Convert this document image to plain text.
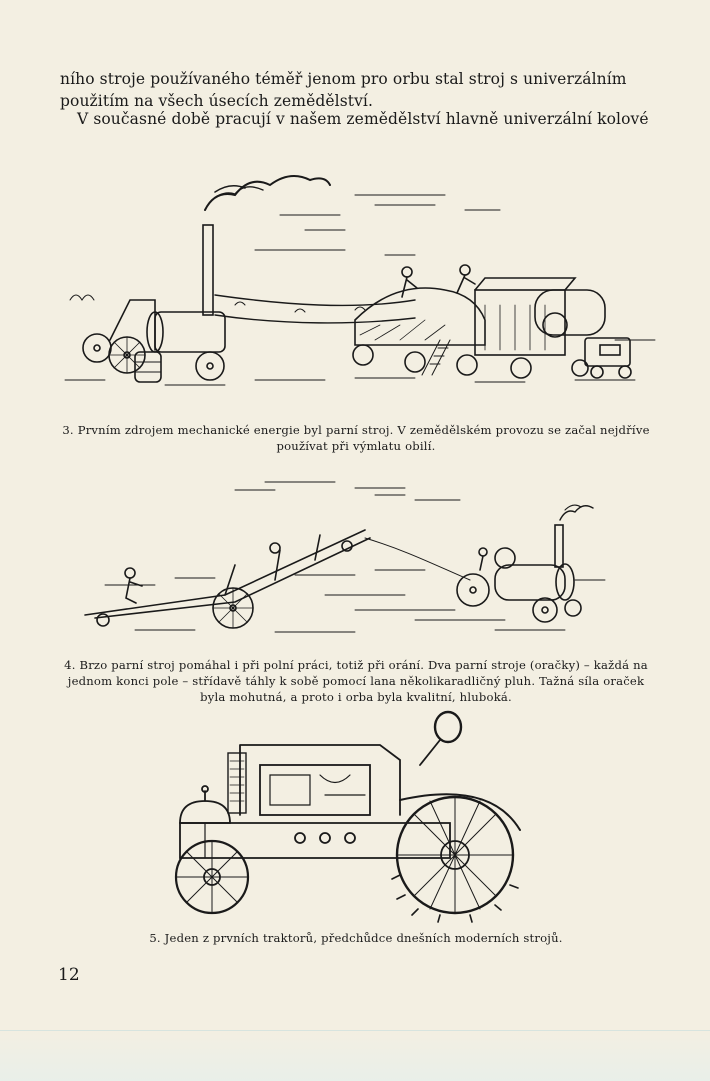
ního stroje používaného téměř jenom pro orbu stal stroj s univerzálním použitím na všech úsecích zemědělství.

V současné době pracují v našem zemědělství hlavně univerzální kolové

3. Prvním zdrojem mechanické energie byl parní stroj. V zemědělském provozu se začal nejdříve používat při výmlatu obilí.

4. Brzo parní stroj pomáhal i při polní práci, totiž při orání. Dva parní stroje (oračky) – každá na jednom konci pole – střídavě táhly k sobě pomocí lana několikaradličný pluh. Tažná síla oraček byla mohutná, a proto i orba byla kvalitní, hluboká.

5. Jeden z prvních traktorů, předchůdce dnešních moderních strojů.

12
